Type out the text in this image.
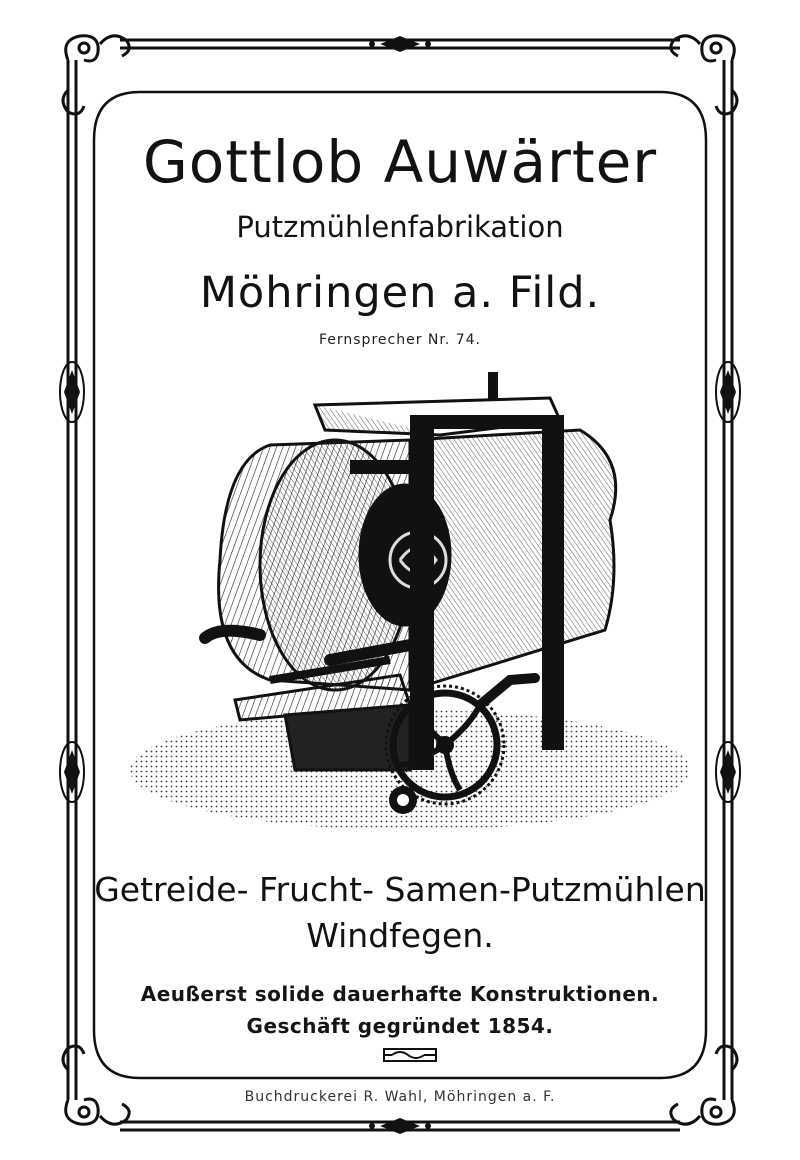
Gottlob Auwärter
Putzmühlenfabrikation
Möhringen a. Fild.
Fernsprecher Nr. 74.
Getreide- Frucht- Samen-Putzmühlen
Windfegen.
Aeußerst solide dauerhafte Konstruktionen.
Geschäft gegründet 1854.
Buchdruckerei R. Wahl, Möhringen a. F.
